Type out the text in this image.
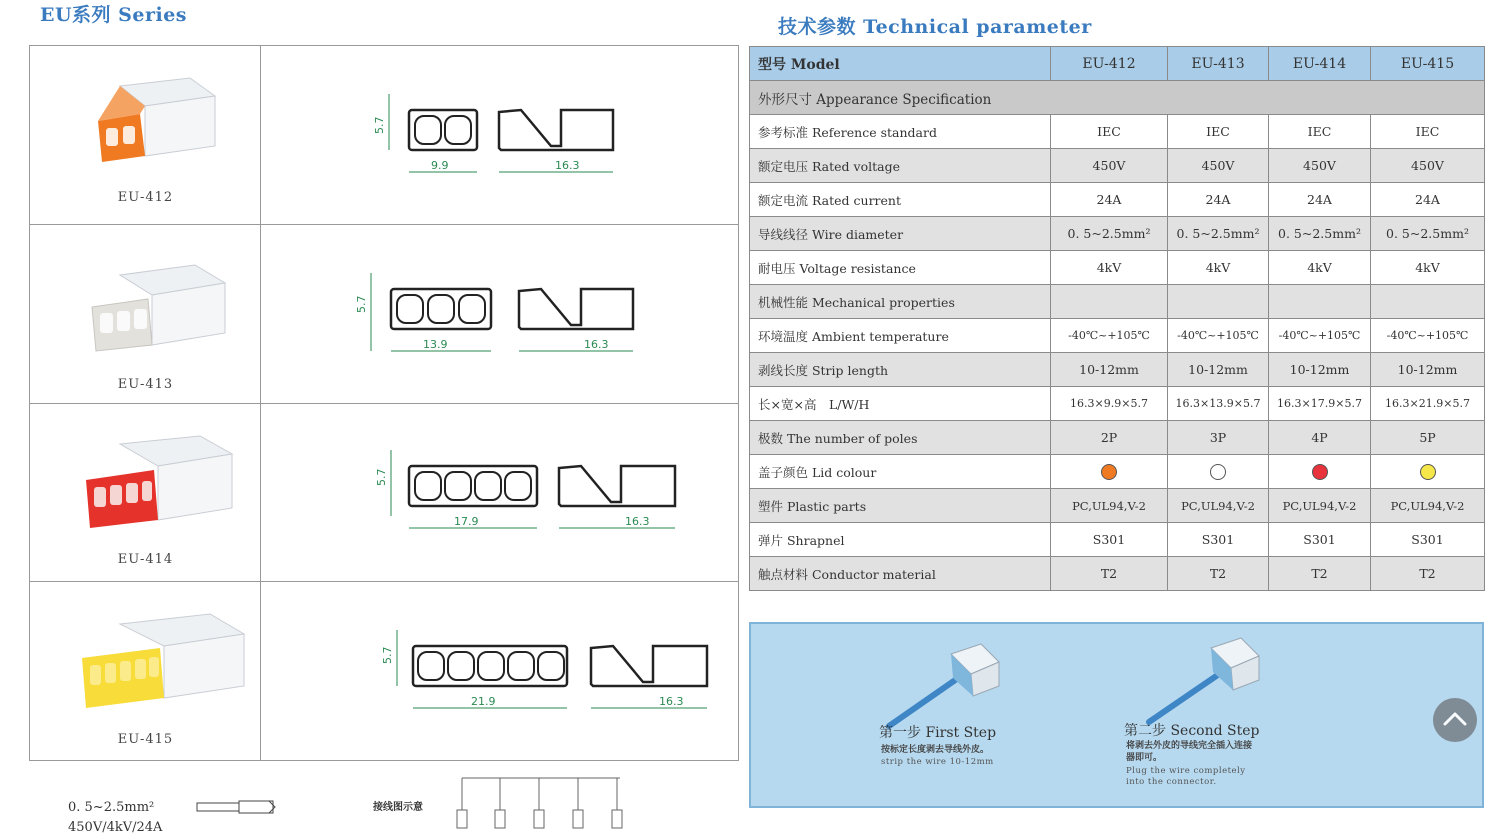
EU系列 Series
技术参数 Technical parameter
EU-412
5.7
9.9	16.3
EU-413
5.7
13.9	16.3
EU-414
5.7
17.9	16.3
EU-415
5.7
21.9	16.3
型号 Model	EU-412	EU-413	EU-414	EU-415
外形尺寸 Appearance Specification				
参考标准 Reference standard	IEC	IEC	IEC	IEC
额定电压 Rated voltage	450V	450V	450V	450V
额定电流 Rated current	24A	24A	24A	24A
导线线径 Wire diameter	0. 5~2.5mm²	0. 5~2.5mm²	0. 5~2.5mm²	0. 5~2.5mm²
耐电压 Voltage resistance	4kV	4kV	4kV	4kV
机械性能 Mechanical properties				
环境温度 Ambient temperature	-40℃~+105℃	-40℃~+105℃	-40℃~+105℃	-40℃~+105℃
剥线长度 Strip length	10-12mm	10-12mm	10-12mm	10-12mm
长×宽×高　L/W/H	16.3×9.9×5.7	16.3×13.9×5.7	16.3×17.9×5.7	16.3×21.9×5.7
极数 The number of poles	2P	3P	4P	5P
盖子颜色 Lid colour				
塑件 Plastic parts	PC,UL94,V-2	PC,UL94,V-2	PC,UL94,V-2	PC,UL94,V-2
弹片 Shrapnel	S301	S301	S301	S301
触点材料 Conductor material	T2	T2	T2	T2
第一步 First Step
按标定长度剥去导线外皮。
strip the wire 10-12mm
第二步 Second Step
将剥去外皮的导线完全插入连接器即可。
Plug the wire completely into the connector.
0. 5~2.5mm²
450V/4kV/24A
接线图示意
